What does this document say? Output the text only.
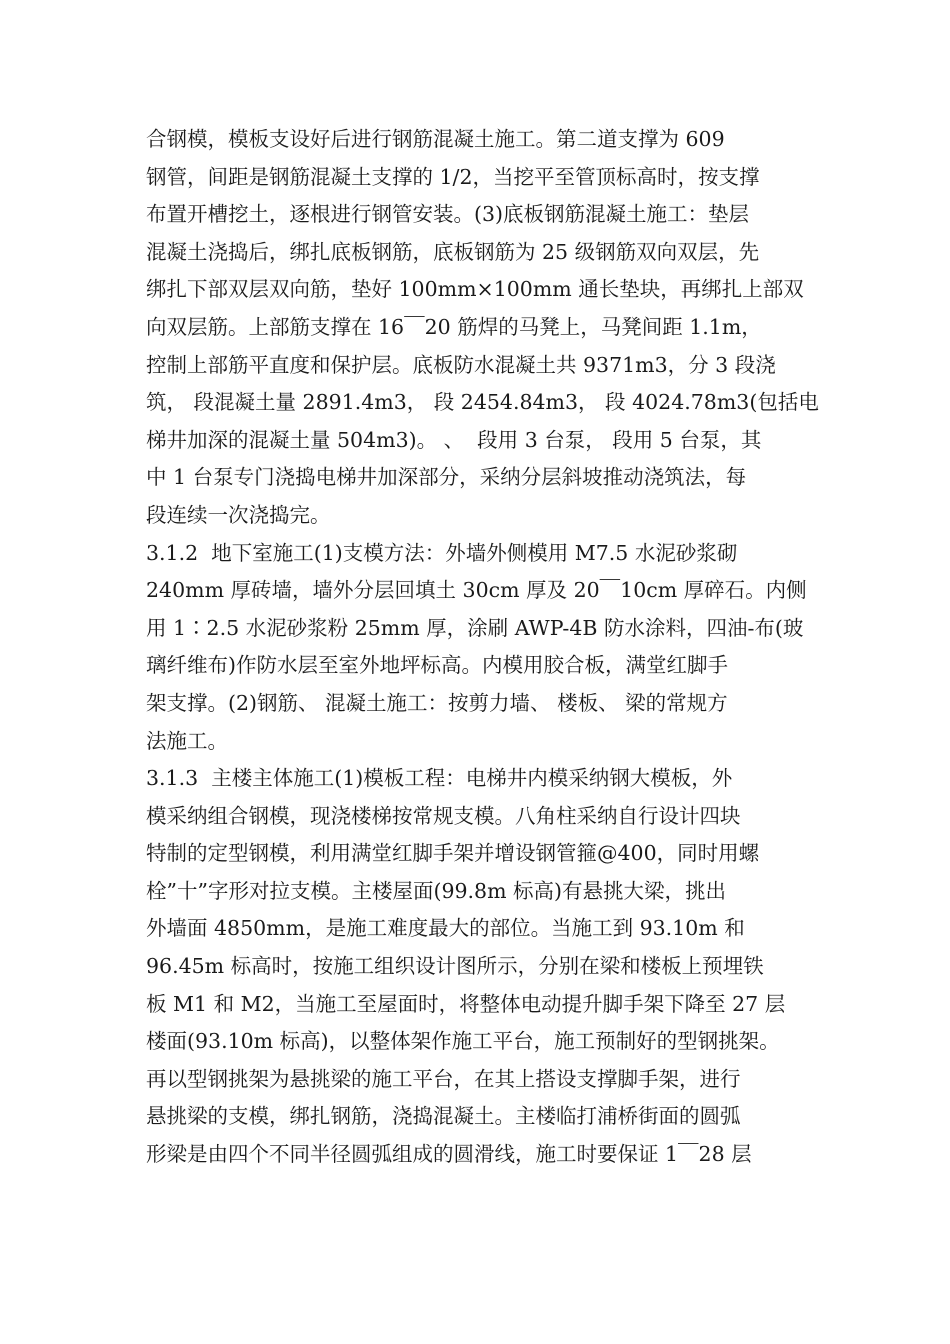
合钢模，模板支设好后进行钢筋混凝土施工。第二道支撑为 609
钢管，间距是钢筋混凝土支撑的 1/2，当挖平至管顶标高时，按支撑
布置开槽挖土，逐根进行钢管安装。(3)底板钢筋混凝土施工：垫层
混凝土浇捣后，绑扎底板钢筋，底板钢筋为 25 级钢筋双向双层，先
绑扎下部双层双向筋，垫好 100mm×100mm 通长垫块，再绑扎上部双
向双层筋。上部筋支撑在 16￣20 筋焊的马凳上，马凳间距 1.1m，
控制上部筋平直度和保护层。底板防水混凝土共 9371m3，分 3 段浇
筑， 段混凝土量 2891.4m3， 段 2454.84m3， 段 4024.78m3(包括电
梯井加深的混凝土量 504m3)。 、  段用 3 台泵， 段用 5 台泵，其
中 1 台泵专门浇捣电梯井加深部分，采纳分层斜坡推动浇筑法，每
段连续一次浇捣完。
3.1.2  地下室施工(1)支模方法：外墙外侧模用 M7.5 水泥砂浆砌
240mm 厚砖墙，墙外分层回填土 30cm 厚及 20￣10cm 厚碎石。内侧
用 1∶2.5 水泥砂浆粉 25mm 厚，涂刷 AWP-4B 防水涂料，四油-布(玻
璃纤维布)作防水层至室外地坪标高。内模用胶合板，满堂红脚手
架支撑。(2)钢筋、 混凝土施工：按剪力墙、 楼板、 梁的常规方
法施工。
3.1.3  主楼主体施工(1)模板工程：电梯井内模采纳钢大模板，外
模采纳组合钢模，现浇楼梯按常规支模。八角柱采纳自行设计四块
特制的定型钢模，利用满堂红脚手架并增设钢管箍@400，同时用螺
栓”十”字形对拉支模。主楼屋面(99.8m 标高)有悬挑大梁，挑出
外墙面 4850mm，是施工难度最大的部位。当施工到 93.10m 和
96.45m 标高时，按施工组织设计图所示，分别在梁和楼板上预埋铁
板 M1 和 M2，当施工至屋面时，将整体电动提升脚手架下降至 27 层
楼面(93.10m 标高)，以整体架作施工平台，施工预制好的型钢挑架。
再以型钢挑架为悬挑梁的施工平台，在其上搭设支撑脚手架，进行
悬挑梁的支模，绑扎钢筋，浇捣混凝土。主楼临打浦桥街面的圆弧
形梁是由四个不同半径圆弧组成的圆滑线，施工时要保证 1￣28 层
